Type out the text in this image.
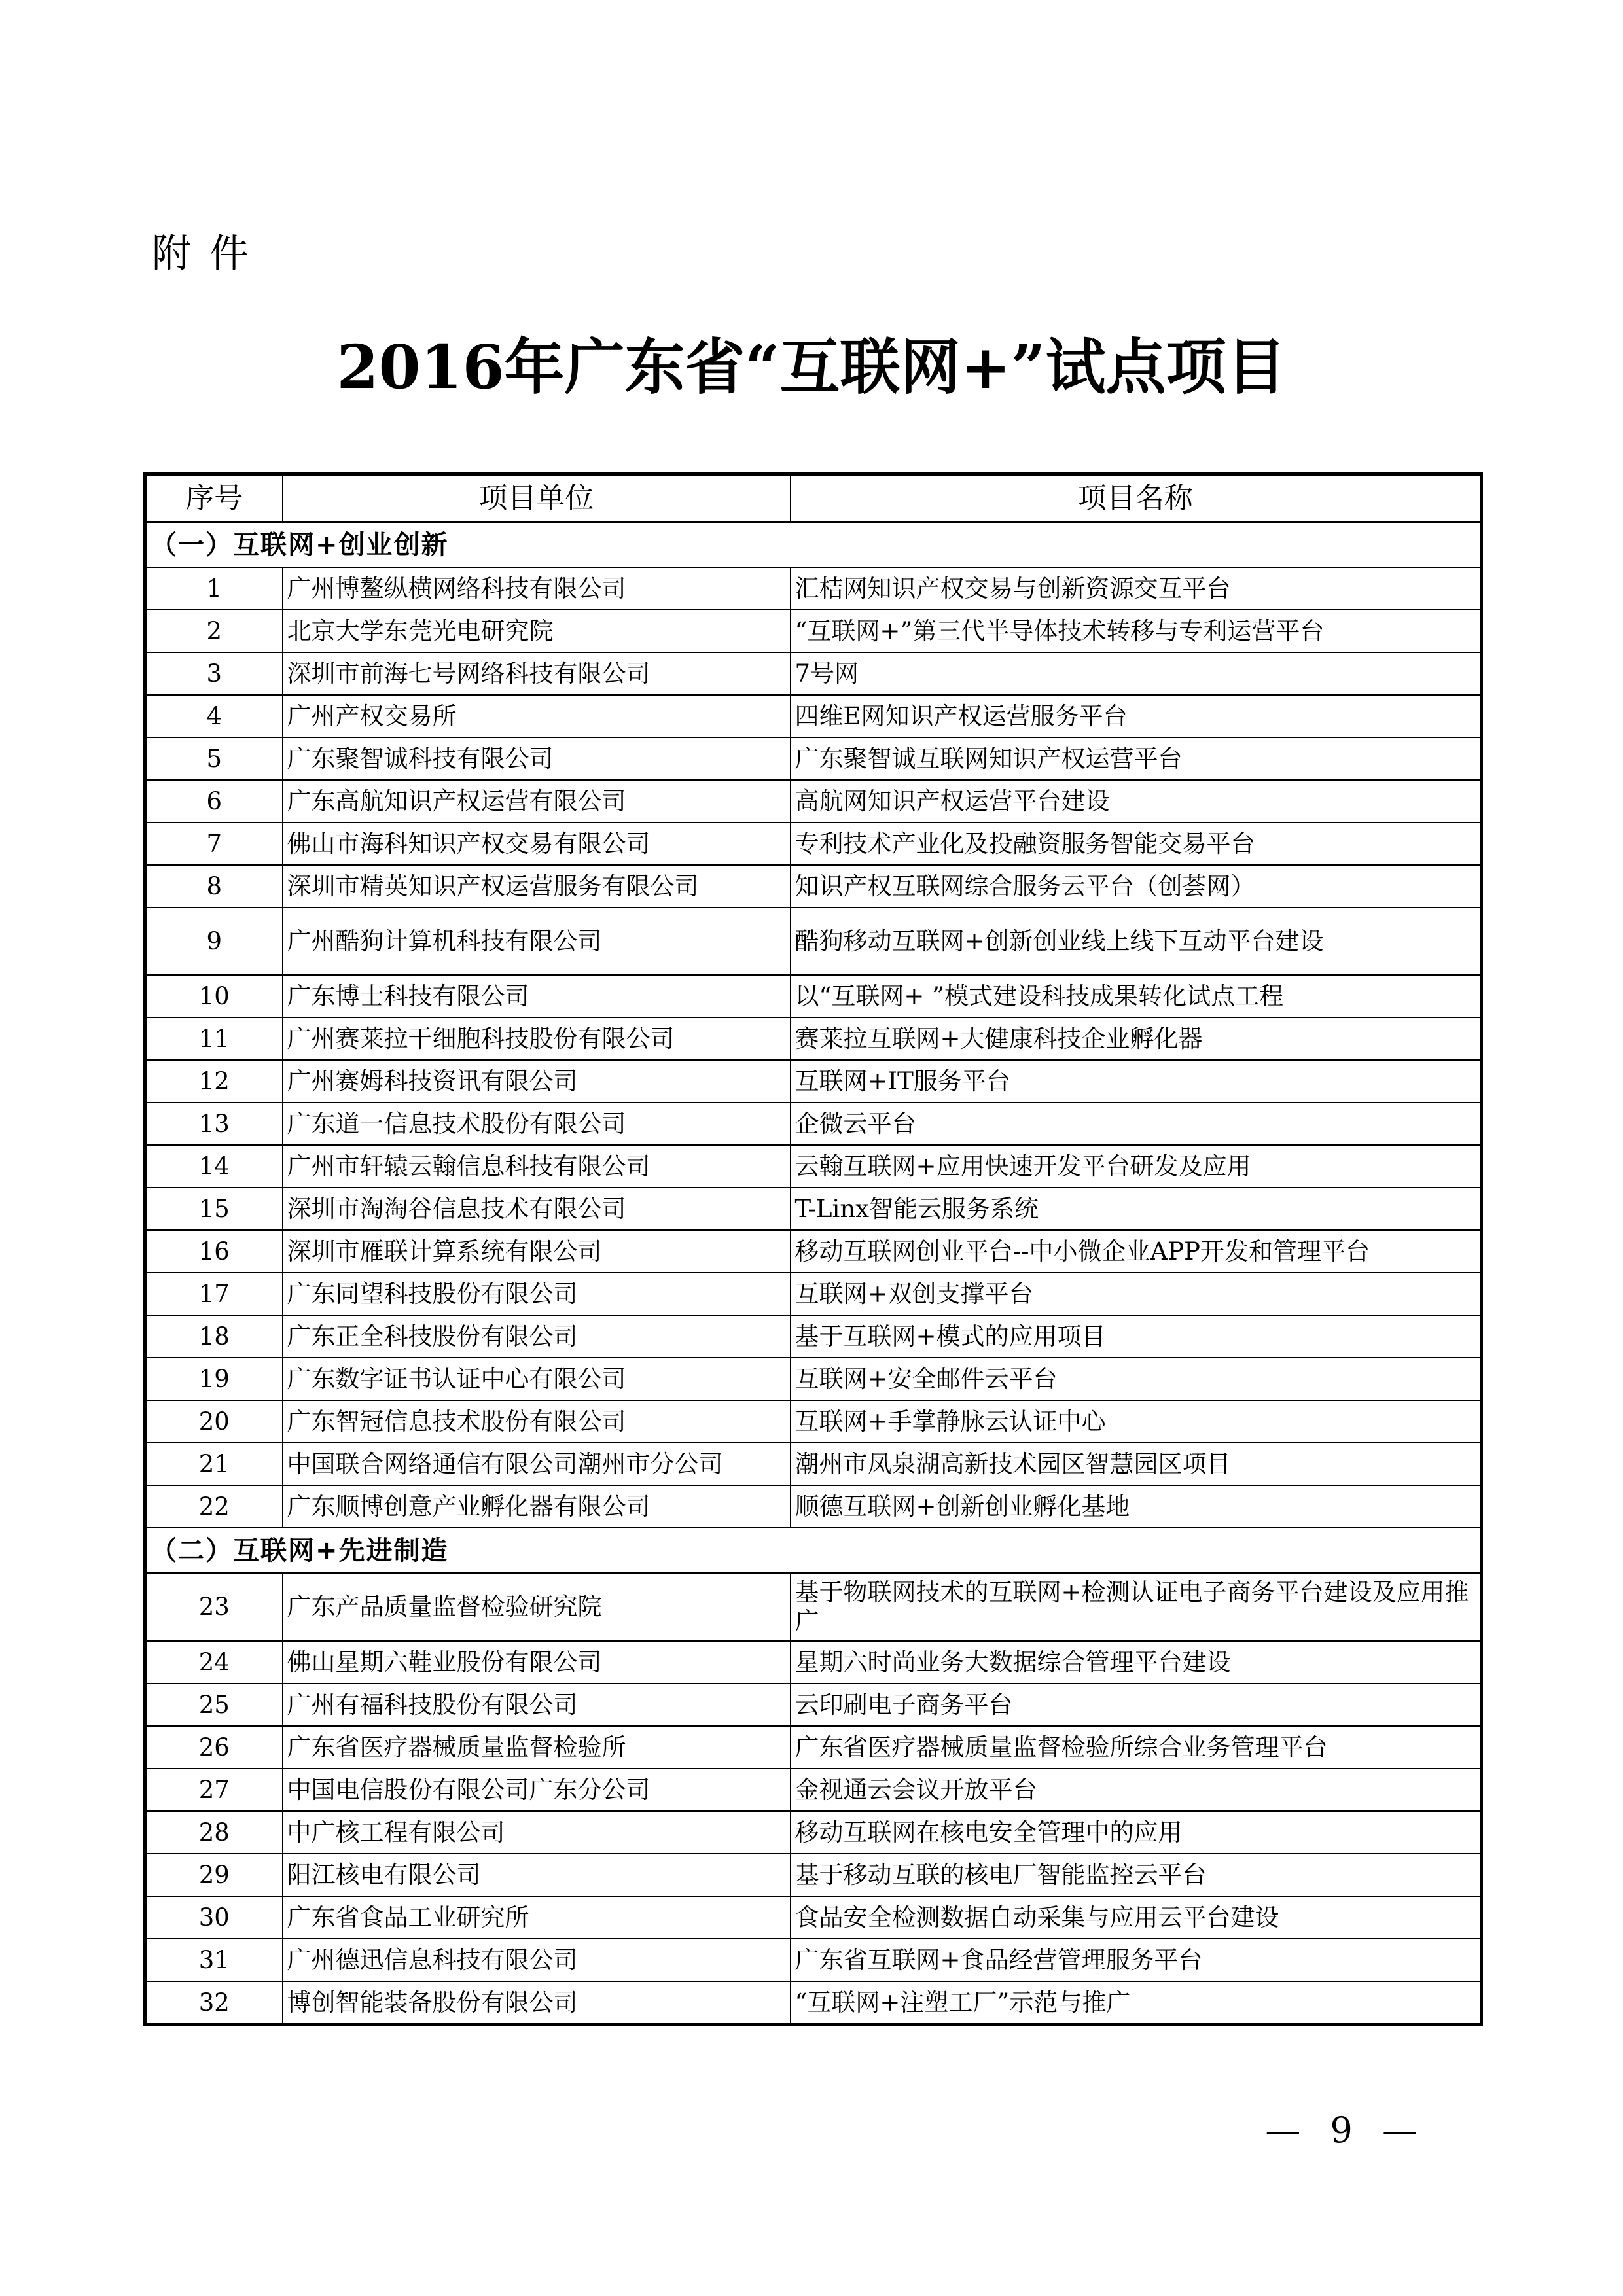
附件
2016年广东省“互联网+”试点项目
序号	项目单位	项目名称
（一）互联网+创业创新		
1	广州博鳌纵横网络科技有限公司	汇桔网知识产权交易与创新资源交互平台
2	北京大学东莞光电研究院	“互联网+”第三代半导体技术转移与专利运营平台
3	深圳市前海七号网络科技有限公司	7号网
4	广州产权交易所	四维E网知识产权运营服务平台
5	广东聚智诚科技有限公司	广东聚智诚互联网知识产权运营平台
6	广东高航知识产权运营有限公司	高航网知识产权运营平台建设
7	佛山市海科知识产权交易有限公司	专利技术产业化及投融资服务智能交易平台
8	深圳市精英知识产权运营服务有限公司	知识产权互联网综合服务云平台（创荟网）
9	广州酷狗计算机科技有限公司	酷狗移动互联网+创新创业线上线下互动平台建设
10	广东博士科技有限公司	以“互联网+ ”模式建设科技成果转化试点工程
11	广州赛莱拉干细胞科技股份有限公司	赛莱拉互联网+大健康科技企业孵化器
12	广州赛姆科技资讯有限公司	互联网+IT服务平台
13	广东道一信息技术股份有限公司	企微云平台
14	广州市轩辕云翰信息科技有限公司	云翰互联网+应用快速开发平台研发及应用
15	深圳市淘淘谷信息技术有限公司	T-Linx智能云服务系统
16	深圳市雁联计算系统有限公司	移动互联网创业平台--中小微企业APP开发和管理平台
17	广东同望科技股份有限公司	互联网+双创支撑平台
18	广东正全科技股份有限公司	基于互联网+模式的应用项目
19	广东数字证书认证中心有限公司	互联网+安全邮件云平台
20	广东智冠信息技术股份有限公司	互联网+手掌静脉云认证中心
21	中国联合网络通信有限公司潮州市分公司	潮州市凤泉湖高新技术园区智慧园区项目
22	广东顺博创意产业孵化器有限公司	顺德互联网+创新创业孵化基地
（二）互联网+先进制造		
23	广东产品质量监督检验研究院	基于物联网技术的互联网+检测认证电子商务平台建设及应用推广
24	佛山星期六鞋业股份有限公司	星期六时尚业务大数据综合管理平台建设
25	广州有福科技股份有限公司	云印刷电子商务平台
26	广东省医疗器械质量监督检验所	广东省医疗器械质量监督检验所综合业务管理平台
27	中国电信股份有限公司广东分公司	金视通云会议开放平台
28	中广核工程有限公司	移动互联网在核电安全管理中的应用
29	阳江核电有限公司	基于移动互联的核电厂智能监控云平台
30	广东省食品工业研究所	食品安全检测数据自动采集与应用云平台建设
31	广州德迅信息科技有限公司	广东省互联网+食品经营管理服务平台
32	博创智能装备股份有限公司	“互联网+注塑工厂”示范与推广
— 9 —
